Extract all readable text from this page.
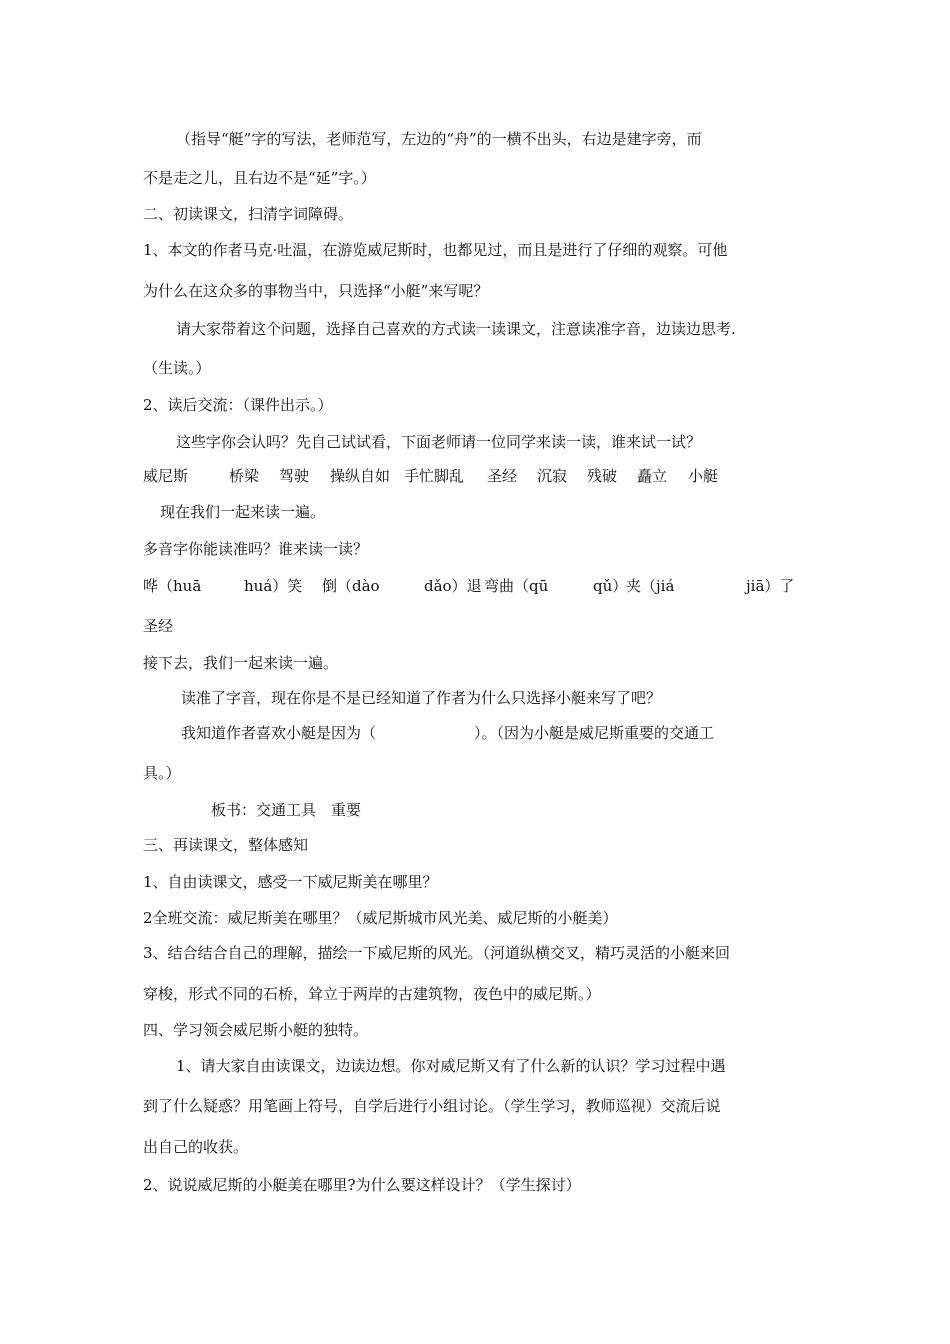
（指导“艇”字的写法，老师范写，左边的“舟”的一横不出头，右边是建字旁，而
不是走之儿，且右边不是“延”字。）
二、初读课文，扫清字词障碍。
1、本文的作者马克·吐温，在游览威尼斯时，也都见过，而且是进行了仔细的观察。可他
为什么在这众多的事物当中，只选择“小艇”来写呢？
请大家带着这个问题，选择自己喜欢的方式读一读课文，注意读准字音，边读边思考.
（生读。）
2、读后交流：（课件出示。）
这些字你会认吗？先自己试试看，下面老师请一位同学来读一读，谁来试一试？
威尼斯	桥梁 驾驶 操纵自如 手忙脚乱 圣经 沉寂 残破 矗立 小艇
现在我们一起来读一遍。
多音字你能读准吗？谁来读一读？
哗（huā	huá）笑 倒（dào	dǎo）退 弯曲（qū	qǔ）
夹（jiá	jiā）了
圣经
接下去，我们一起来读一遍。
读准了字音，现在你是不是已经知道了作者为什么只选择小艇来写了吧？
我知道作者喜欢小艇是因为（	）。（因为小艇是威尼斯重要的交通工
具。）
板书：交通工具　重要
三、再读课文，整体感知
1、自由读课文，感受一下威尼斯美在哪里？
2全班交流：威尼斯美在哪里？（威尼斯城市风光美、威尼斯的小艇美）
3、结合结合自己的理解，描绘一下威尼斯的风光。（河道纵横交叉，精巧灵活的小艇来回
穿梭，形式不同的石桥，耸立于两岸的古建筑物，夜色中的威尼斯。）
四、学习领会威尼斯小艇的独特。
1、请大家自由读课文，边读边想。你对威尼斯又有了什么新的认识？学习过程中遇
到了什么疑惑？用笔画上符号，自学后进行小组讨论。（学生学习，教师巡视）交流后说
出自己的收获。
2、说说威尼斯的小艇美在哪里?为什么要这样设计？（学生探讨）
